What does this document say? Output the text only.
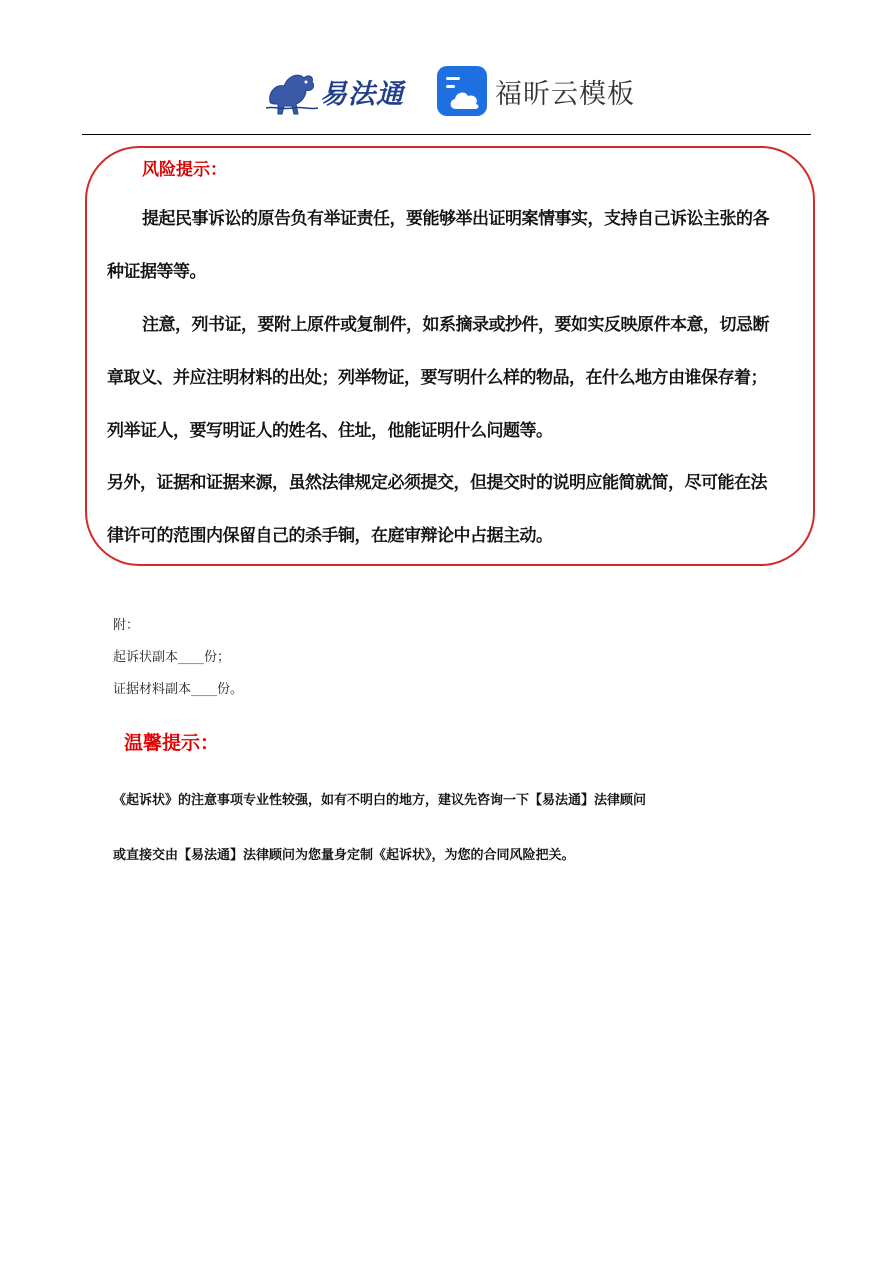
易法通	福昕云模板
风险提示：
提起民事诉讼的原告负有举证责任，要能够举出证明案情事实，支持自己诉讼主张的各
种证据等等。
注意，列书证，要附上原件或复制件，如系摘录或抄件，要如实反映原件本意，切忌断
章取义、并应注明材料的出处；列举物证，要写明什么样的物品，在什么地方由谁保存着；
列举证人，要写明证人的姓名、住址，他能证明什么问题等。
另外，证据和证据来源，虽然法律规定必须提交，但提交时的说明应能简就简，尽可能在法
律许可的范围内保留自己的杀手锏，在庭审辩论中占据主动。
附：
起诉状副本____份；
证据材料副本____份。
温馨提示：
《起诉状》的注意事项专业性较强，如有不明白的地方，建议先咨询一下【易法通】法律顾问
或直接交由【易法通】法律顾问为您量身定制《起诉状》，为您的合同风险把关。
